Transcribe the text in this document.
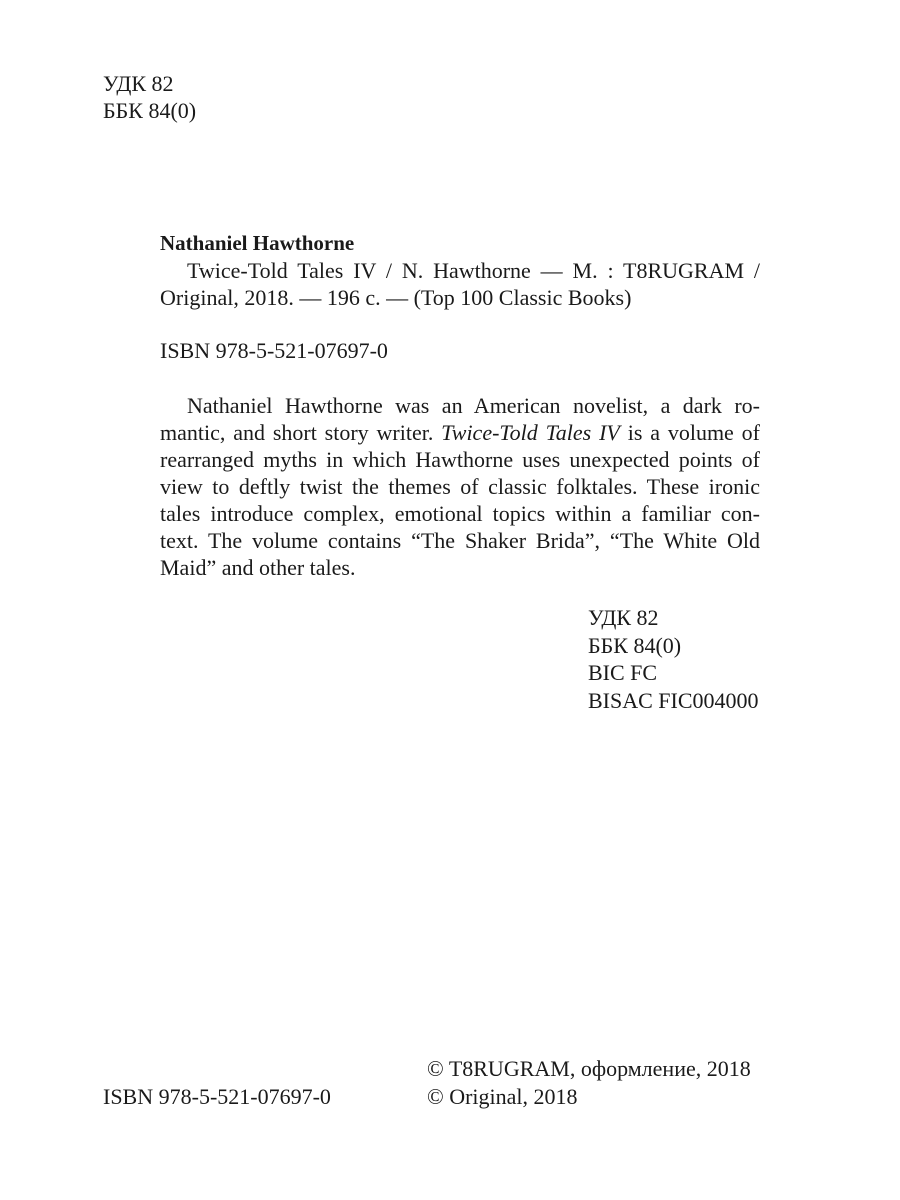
УДК 82
ББК 84(0)
Nathaniel Hawthorne
Twice-Told Tales IV / N. Hawthorne — M. : T8RUGRAM /
Original, 2018. — 196 с. — (Top 100 Classic Books)
ISBN 978-5-521-07697-0
Nathaniel Hawthorne was an American novelist, a dark ro-
mantic, and short story writer. Twice-Told Tales IV is a volume of
rearranged myths in which Hawthorne uses unexpected points of
view to deftly twist the themes of classic folktales. These ironic
tales introduce complex, emotional topics within a familiar con-
text. The volume contains “The Shaker Brida”, “The White Old
Maid” and other tales.
УДК 82
ББК 84(0)
BIC FC
BISAC FIC004000
ISBN 978-5-521-07697-0
© T8RUGRAM, оформление, 2018
© Original, 2018
